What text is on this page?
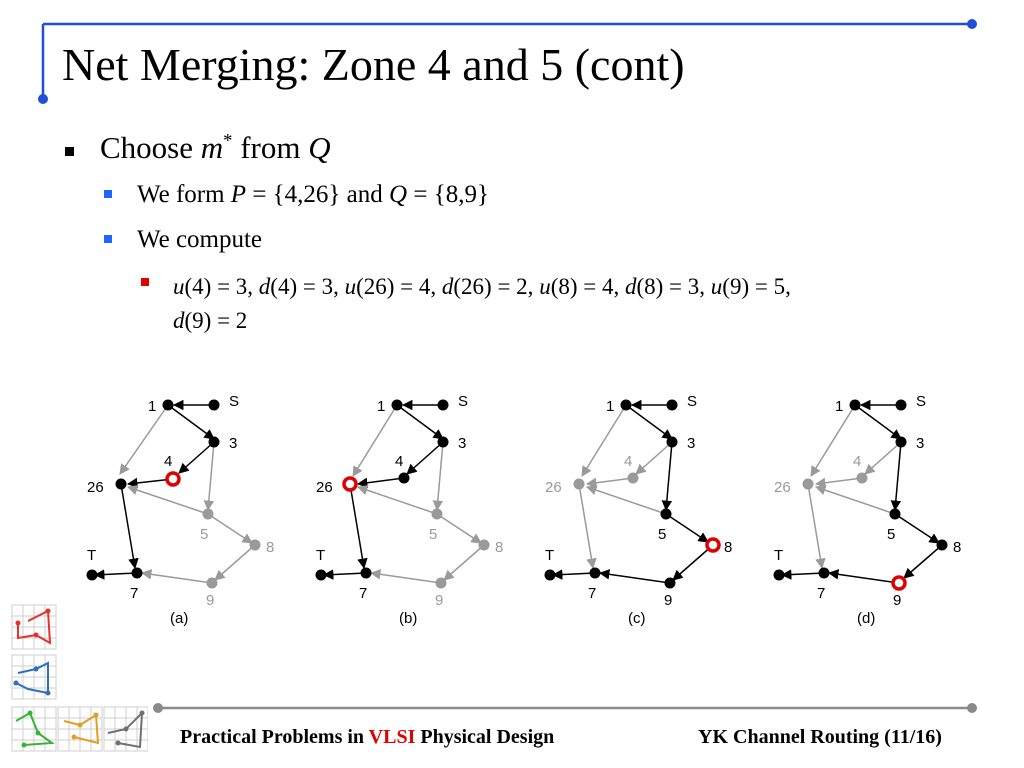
Net Merging: Zone 4 and 5 (cont)
Choose m* from Q
We form P = {4,26} and Q = {8,9}
We compute
u(4) = 3, d(4) = 3, u(26) = 4, d(26) = 2, u(8) = 4, d(8) = 3, u(9) = 5,
d(9) = 2
1	S
3
4
26
5
8
T
7	9
(a)
1	S
3
4
26
5
8
T
7	9
(b)
1	S
3
4
26
5
8
T
7	9
(c)
1	S
3
4
26
5
8
T
7	9
(d)
Practical Problems in VLSI Physical Design	YK Channel Routing (11/16)
